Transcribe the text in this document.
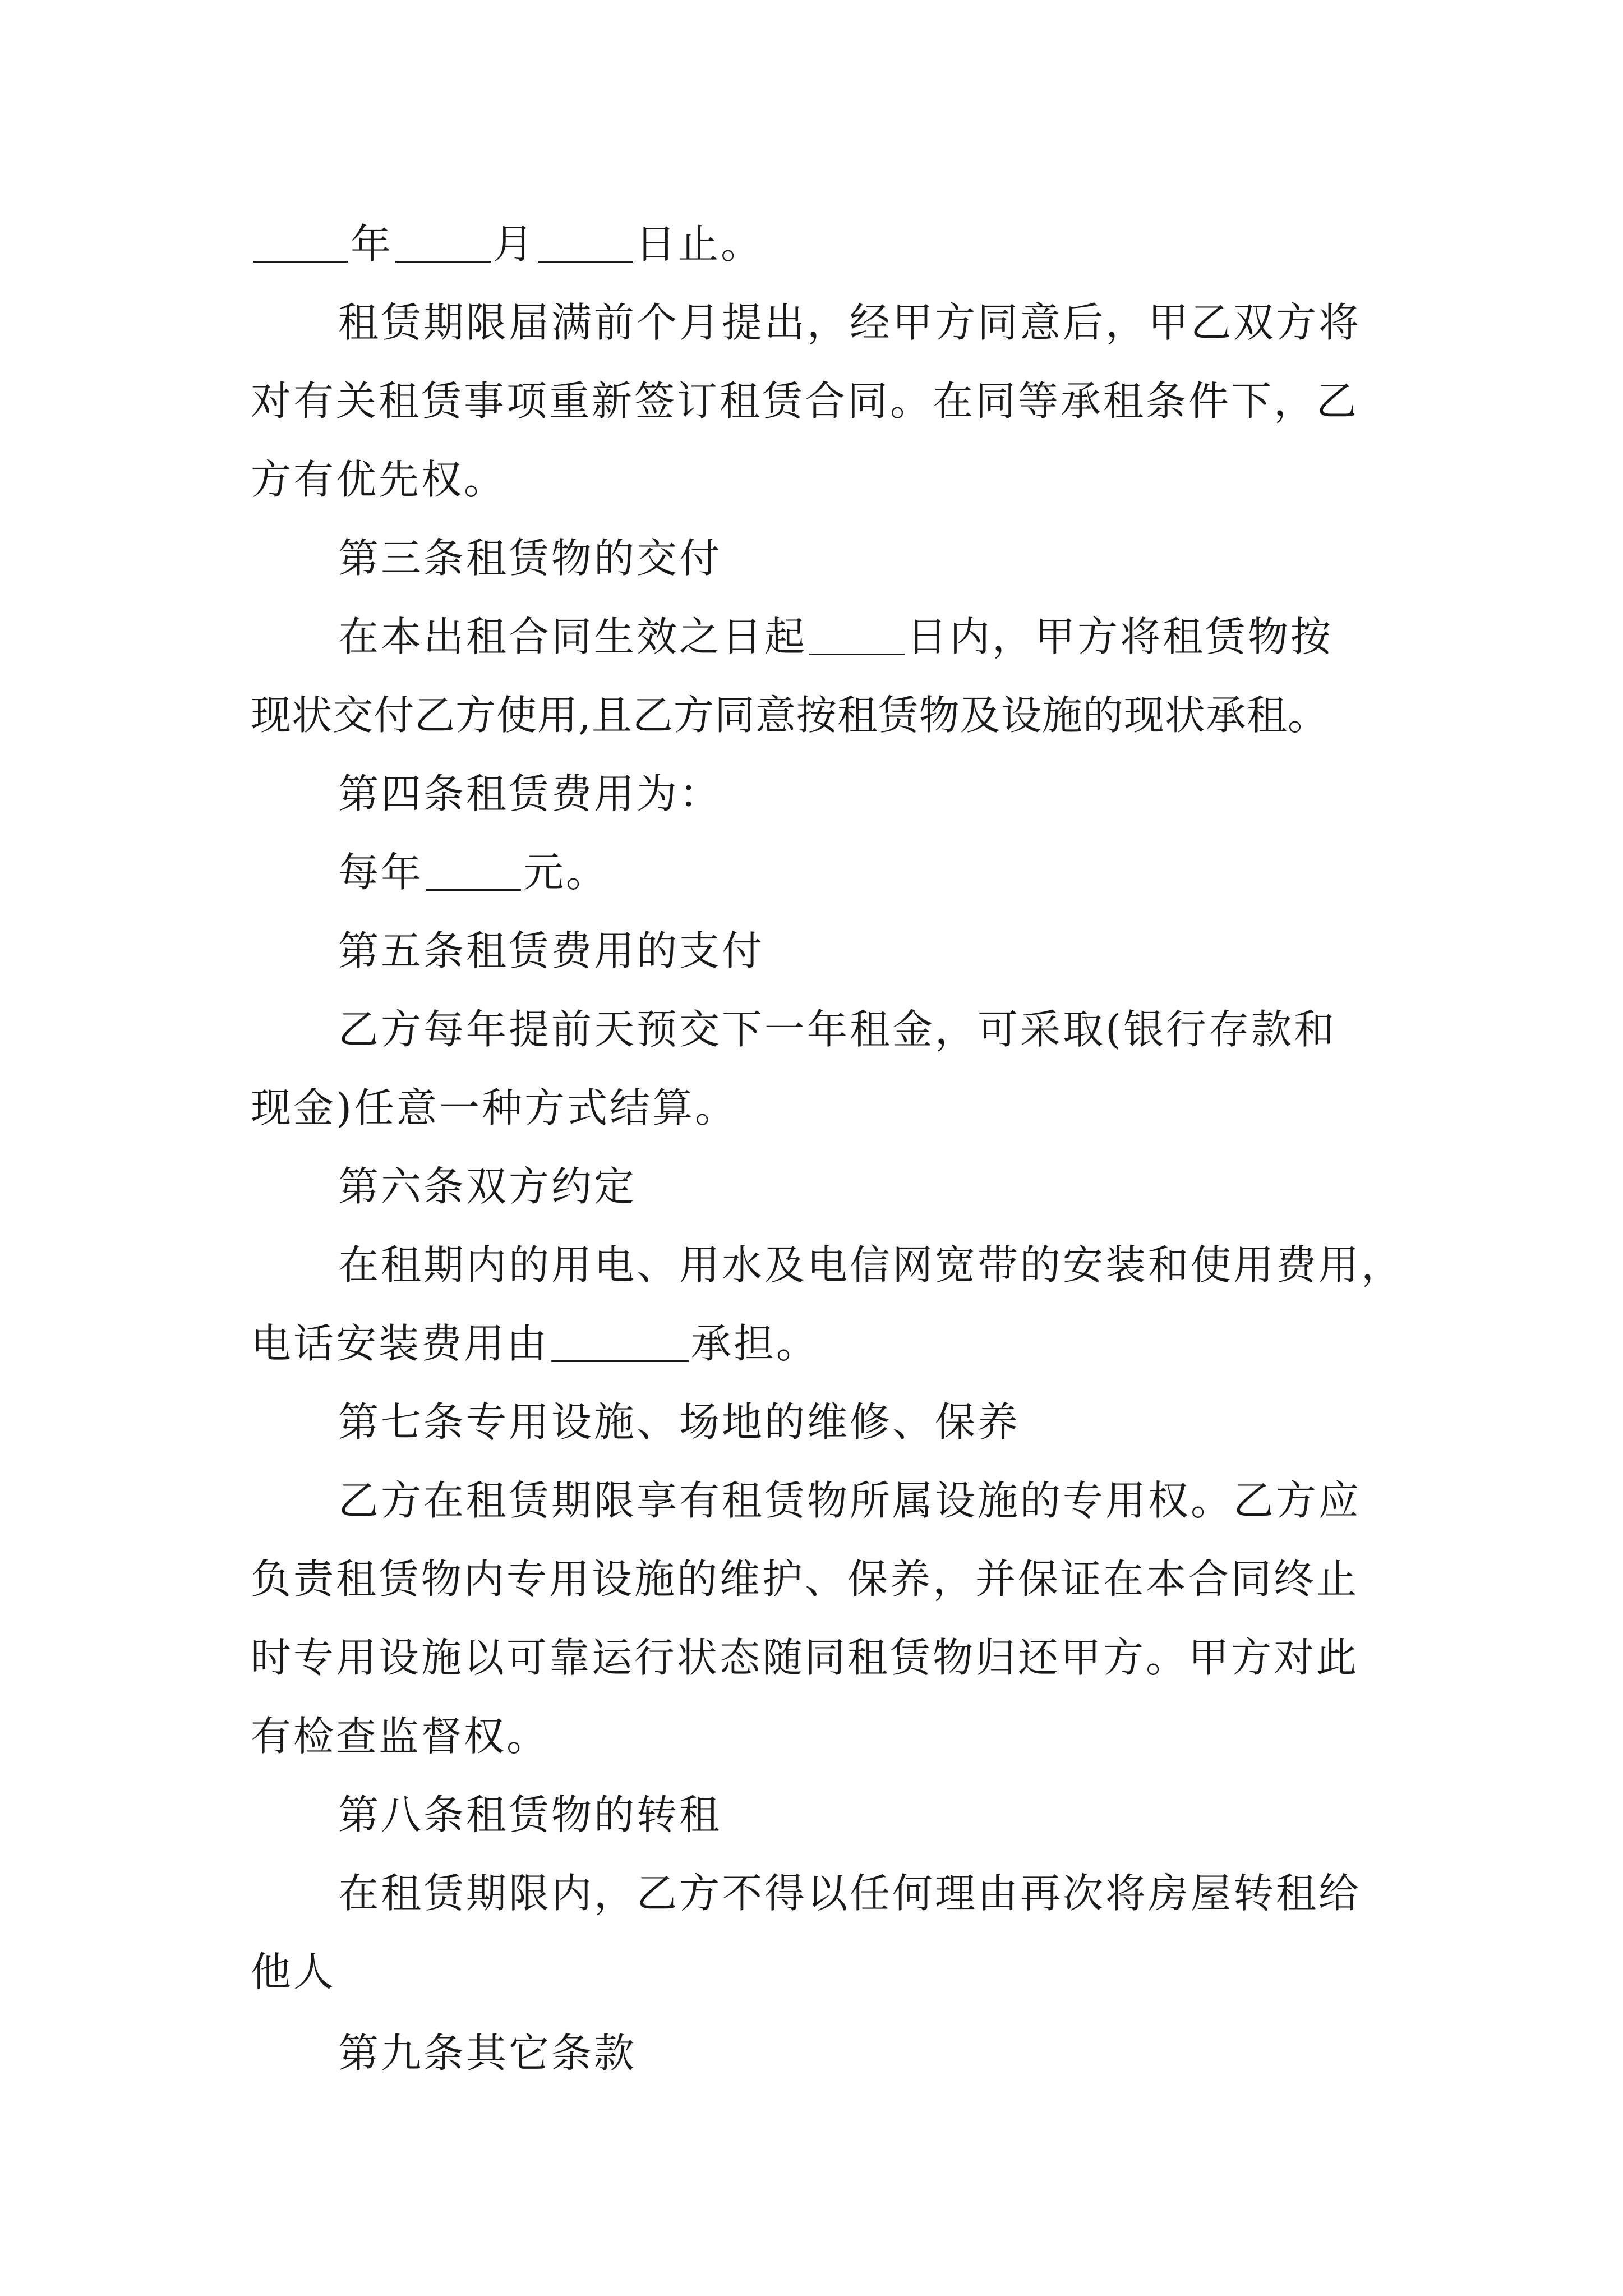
年 月 日止。
租赁期限届满前个月提出，经甲方同意后，甲乙双方将
对有关租赁事项重新签订租赁合同。在同等承租条件下，乙
方有优先权。
第三条租赁物的交付
在本出租合同生效之日起 日内，甲方将租赁物按
现状交付乙方使用,且乙方同意按租赁物及设施的现状承租。
第四条租赁费用为：
每年 元。
第五条租赁费用的支付
乙方每年提前天预交下一年租金，可采取(银行存款和
现金)任意一种方式结算。
第六条双方约定
在租期内的用电、用水及电信网宽带的安装和使用费用，
电话安装费用由	承担。
第七条专用设施、场地的维修、保养
乙方在租赁期限享有租赁物所属设施的专用权。乙方应
负责租赁物内专用设施的维护、保养，并保证在本合同终止
时专用设施以可靠运行状态随同租赁物归还甲方。甲方对此
有检查监督权。
第八条租赁物的转租
在租赁期限内，乙方不得以任何理由再次将房屋转租给
他人
第九条其它条款
